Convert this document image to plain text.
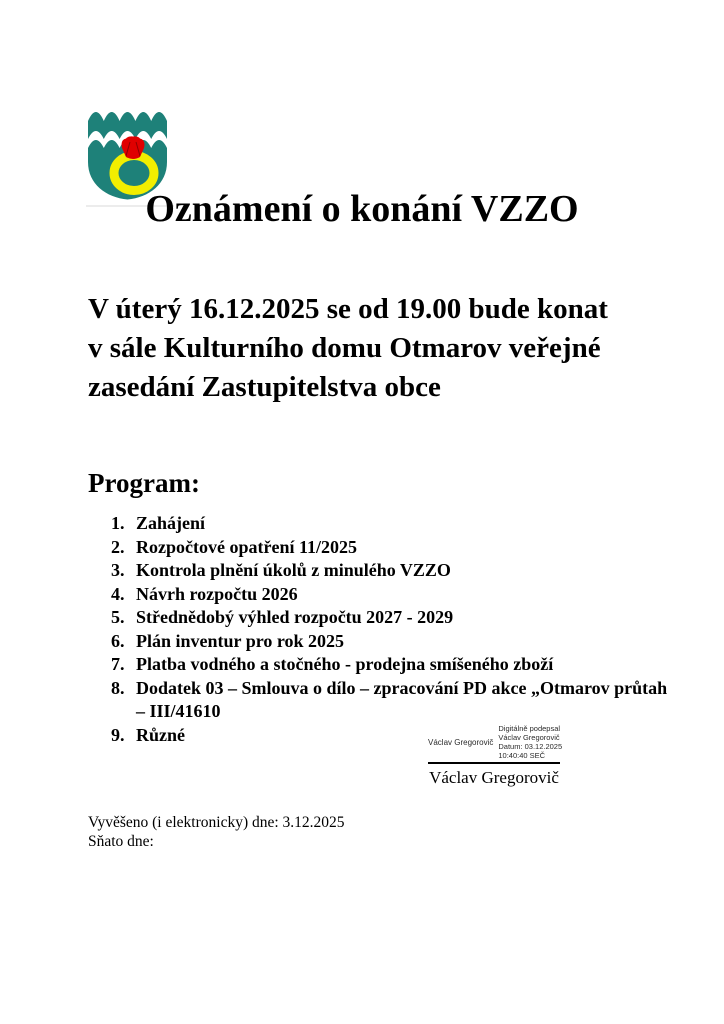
Oznámení o konání VZZO
V úterý 16.12.2025 se od 19.00 bude konat
v sále Kulturního domu Otmarov veřejné
zasedání Zastupitelstva obce
Program:
1. Zahájení
2. Rozpočtové opatření 11/2025
3. Kontrola plnění úkolů z minulého VZZO
4. Návrh rozpočtu 2026
5. Střednědobý výhled rozpočtu 2027 - 2029
6. Plán inventur pro rok 2025
7. Platba vodného a stočného - prodejna smíšeného zboží
8. Dodatek 03 – Smlouva o dílo – zpracování PD akce „Otmarov průtah
– III/41610
9. Různé	Václav Gregorovič
Digitálně podepsal
Václav Gregorovič
Datum: 03.12.2025
10:40:40 SEČ
Václav Gregorovič
Vyvěšeno (i elektronicky) dne: 3.12.2025
Sňato dne:
